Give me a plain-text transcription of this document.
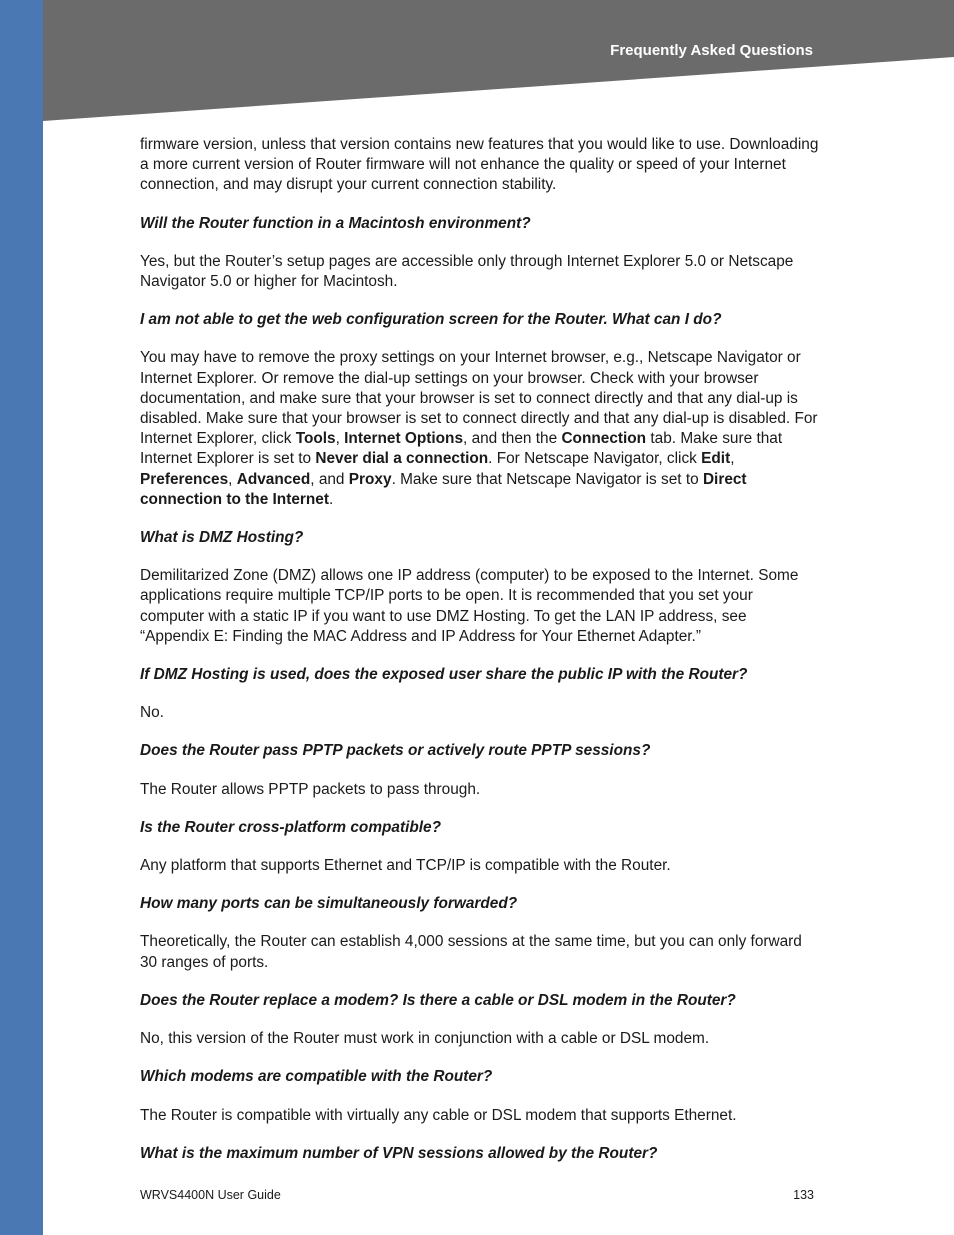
Frequently Asked Questions

firmware version, unless that version contains new features that you would like to use. Downloading a more current version of Router firmware will not enhance the quality or speed of your Internet connection, and may disrupt your current connection stability.

Will the Router function in a Macintosh environment?

Yes, but the Router’s setup pages are accessible only through Internet Explorer 5.0 or Netscape Navigator 5.0 or higher for Macintosh.

I am not able to get the web configuration screen for the Router. What can I do?

You may have to remove the proxy settings on your Internet browser, e.g., Netscape Navigator or Internet Explorer. Or remove the dial-up settings on your browser. Check with your browser documentation, and make sure that your browser is set to connect directly and that any dial-up is disabled. Make sure that your browser is set to connect directly and that any dial-up is disabled. For Internet Explorer, click Tools, Internet Options, and then the Connection tab. Make sure that Internet Explorer is set to Never dial a connection. For Netscape Navigator, click Edit, Preferences, Advanced, and Proxy. Make sure that Netscape Navigator is set to Direct connection to the Internet.

What is DMZ Hosting?

Demilitarized Zone (DMZ) allows one IP address (computer) to be exposed to the Internet. Some applications require multiple TCP/IP ports to be open. It is recommended that you set your computer with a static IP if you want to use DMZ Hosting. To get the LAN IP address, see “Appendix E: Finding the MAC Address and IP Address for Your Ethernet Adapter.”

If DMZ Hosting is used, does the exposed user share the public IP with the Router?

No.

Does the Router pass PPTP packets or actively route PPTP sessions?

The Router allows PPTP packets to pass through.

Is the Router cross-platform compatible?

Any platform that supports Ethernet and TCP/IP is compatible with the Router.

How many ports can be simultaneously forwarded?

Theoretically, the Router can establish 4,000 sessions at the same time, but you can only forward 30 ranges of ports.

Does the Router replace a modem? Is there a cable or DSL modem in the Router?

No, this version of the Router must work in conjunction with a cable or DSL modem.

Which modems are compatible with the Router?

The Router is compatible with virtually any cable or DSL modem that supports Ethernet.

What is the maximum number of VPN sessions allowed by the Router?

WRVS4400N User Guide	133
